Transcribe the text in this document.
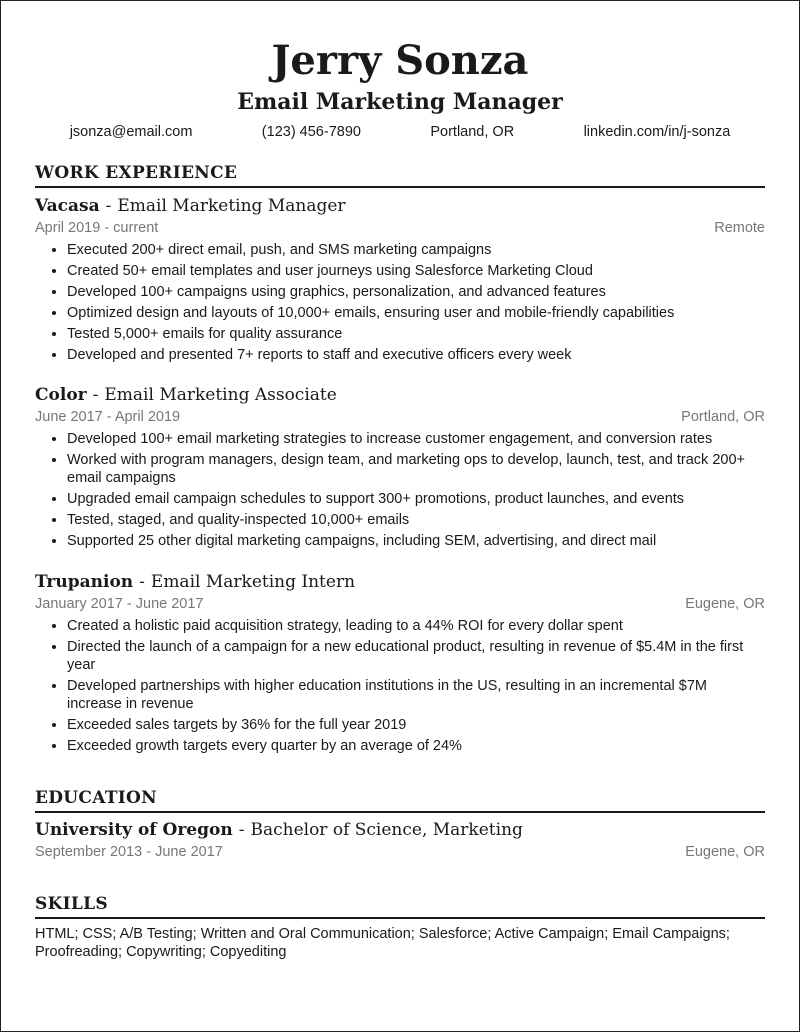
Jerry Sonza
Email Marketing Manager
jsonza@email.com	(123) 456-7890	Portland, OR	linkedin.com/in/j-sonza
WORK EXPERIENCE
Vacasa - Email Marketing Manager
April 2019 - current	Remote
• Executed 200+ direct email, push, and SMS marketing campaigns
• Created 50+ email templates and user journeys using Salesforce Marketing Cloud
• Developed 100+ campaigns using graphics, personalization, and advanced features
• Optimized design and layouts of 10,000+ emails, ensuring user and mobile-friendly capabilities
• Tested 5,000+ emails for quality assurance
• Developed and presented 7+ reports to staff and executive officers every week
Color - Email Marketing Associate
June 2017 - April 2019	Portland, OR
• Developed 100+ email marketing strategies to increase customer engagement, and conversion rates
• Worked with program managers, design team, and marketing ops to develop, launch, test, and track 200+ email campaigns
• Upgraded email campaign schedules to support 300+ promotions, product launches, and events
• Tested, staged, and quality-inspected 10,000+ emails
• Supported 25 other digital marketing campaigns, including SEM, advertising, and direct mail
Trupanion - Email Marketing Intern
January 2017 - June 2017	Eugene, OR
• Created a holistic paid acquisition strategy, leading to a 44% ROI for every dollar spent
• Directed the launch of a campaign for a new educational product, resulting in revenue of $5.4M in the first year
• Developed partnerships with higher education institutions in the US, resulting in an incremental $7M increase in revenue
• Exceeded sales targets by 36% for the full year 2019
• Exceeded growth targets every quarter by an average of 24%
EDUCATION
University of Oregon - Bachelor of Science, Marketing
September 2013 - June 2017	Eugene, OR
SKILLS
HTML; CSS; A/B Testing; Written and Oral Communication; Salesforce; Active Campaign; Email Campaigns; Proofreading; Copywriting; Copyediting
